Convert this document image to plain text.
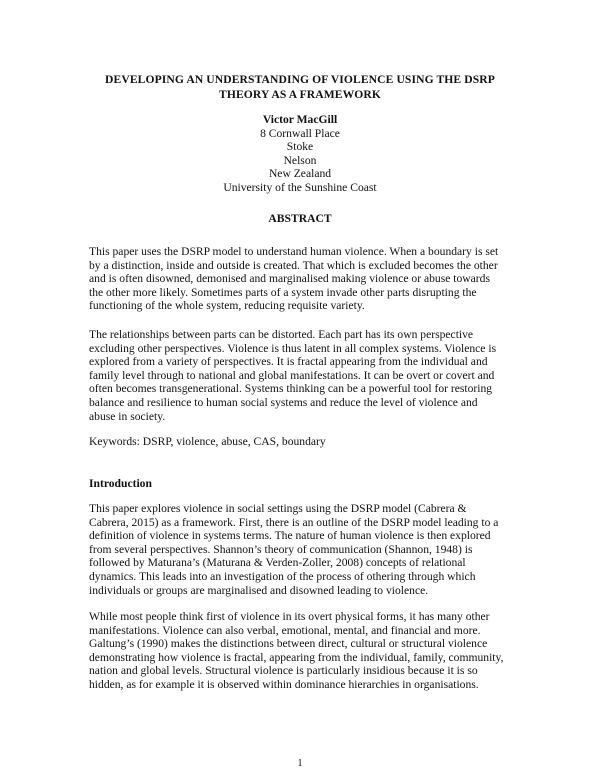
DEVELOPING AN UNDERSTANDING OF VIOLENCE USING THE DSRP
THEORY AS A FRAMEWORK
Victor MacGill
8 Cornwall Place
Stoke
Nelson
New Zealand
University of the Sunshine Coast
ABSTRACT
This paper uses the DSRP model to understand human violence. When a boundary is set
by a distinction, inside and outside is created. That which is excluded becomes the other
and is often disowned, demonised and marginalised making violence or abuse towards
the other more likely. Sometimes parts of a system invade other parts disrupting the
functioning of the whole system, reducing requisite variety.
The relationships between parts can be distorted. Each part has its own perspective
excluding other perspectives. Violence is thus latent in all complex systems. Violence is
explored from a variety of perspectives. It is fractal appearing from the individual and
family level through to national and global manifestations. It can be overt or covert and
often becomes transgenerational. Systems thinking can be a powerful tool for restoring
balance and resilience to human social systems and reduce the level of violence and
abuse in society.
Keywords: DSRP, violence, abuse, CAS, boundary
Introduction
This paper explores violence in social settings using the DSRP model (Cabrera &
Cabrera, 2015) as a framework. First, there is an outline of the DSRP model leading to a
definition of violence in systems terms. The nature of human violence is then explored
from several perspectives. Shannon’s theory of communication (Shannon, 1948) is
followed by Maturana’s (Maturana & Verden-Zoller, 2008) concepts of relational
dynamics. This leads into an investigation of the process of othering through which
individuals or groups are marginalised and disowned leading to violence.
While most people think first of violence in its overt physical forms, it has many other
manifestations. Violence can also verbal, emotional, mental, and financial and more.
Galtung’s (1990) makes the distinctions between direct, cultural or structural violence
demonstrating how violence is fractal, appearing from the individual, family, community,
nation and global levels. Structural violence is particularly insidious because it is so
hidden, as for example it is observed within dominance hierarchies in organisations.
1
